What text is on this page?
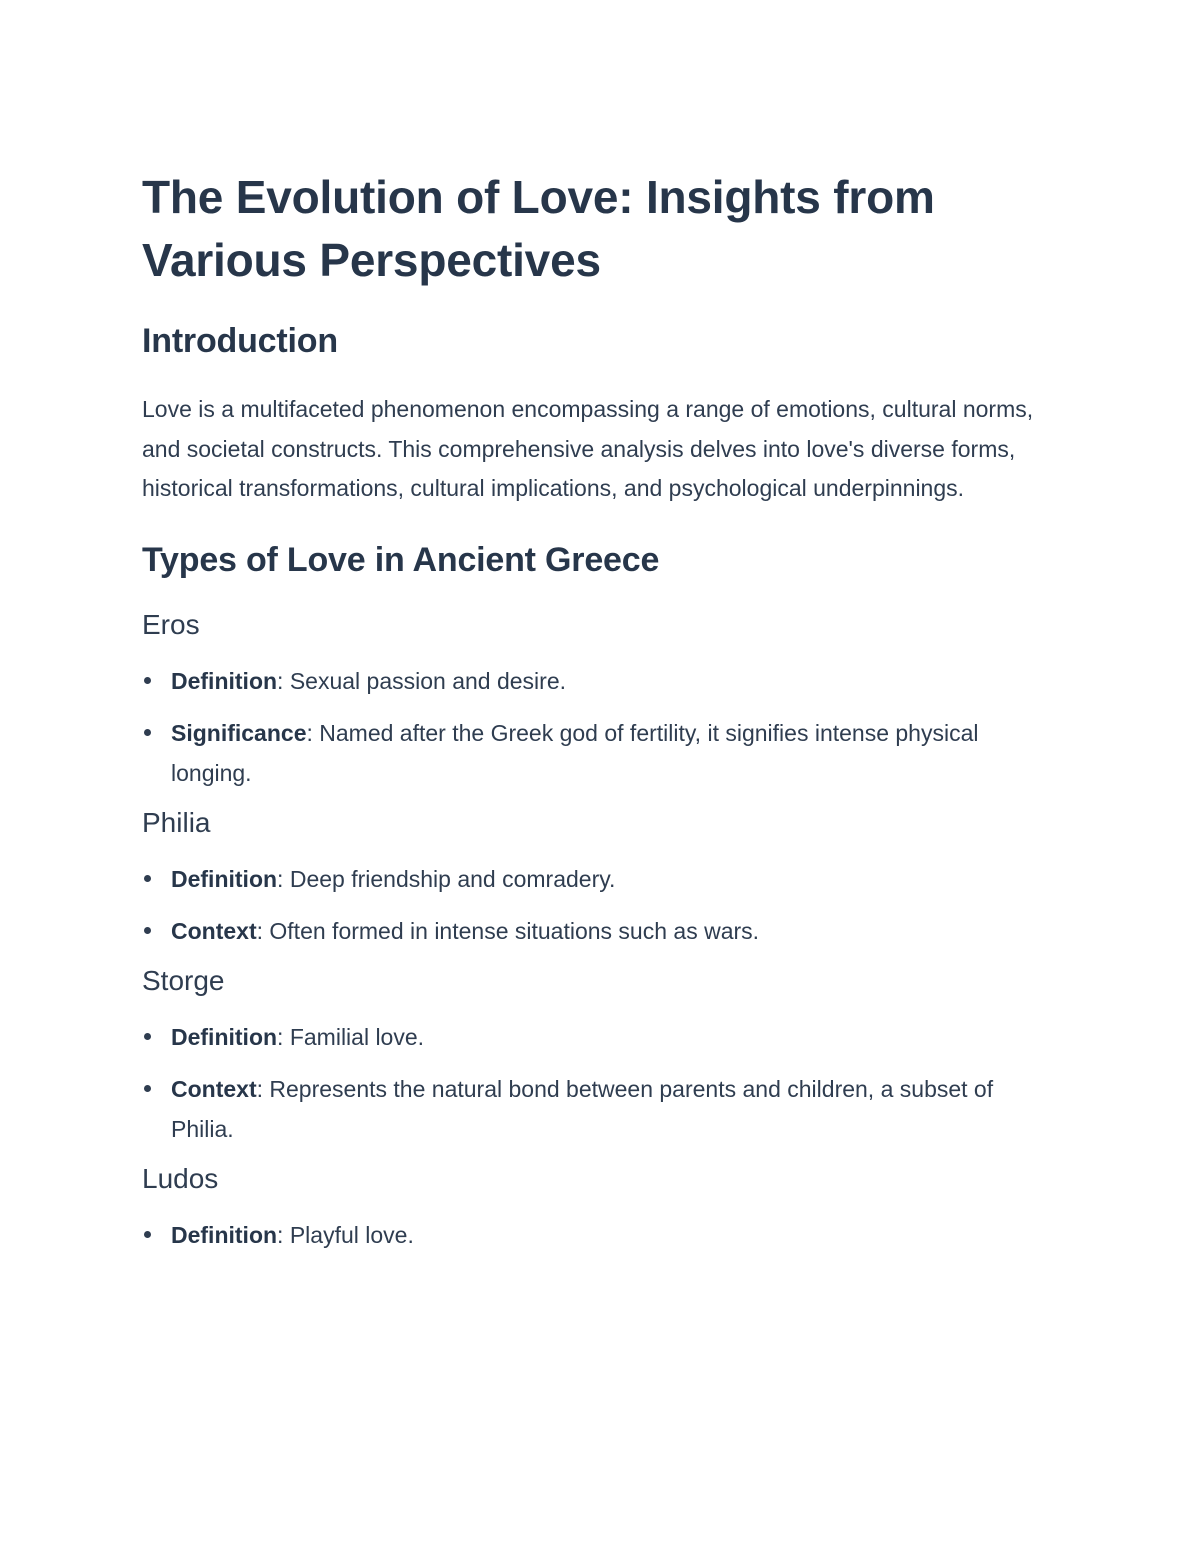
The Evolution of Love: Insights from Various Perspectives
Introduction

Love is a multifaceted phenomenon encompassing a range of emotions, cultural norms, and societal constructs. This comprehensive analysis delves into love's diverse forms, historical transformations, cultural implications, and psychological underpinnings.

Types of Love in Ancient Greece
Eros
Definition: Sexual passion and desire.
Significance: Named after the Greek god of fertility, it signifies intense physical longing.
Philia
Definition: Deep friendship and comradery.
Context: Often formed in intense situations such as wars.
Storge
Definition: Familial love.
Context: Represents the natural bond between parents and children, a subset of Philia.
Ludos
Definition: Playful love.
